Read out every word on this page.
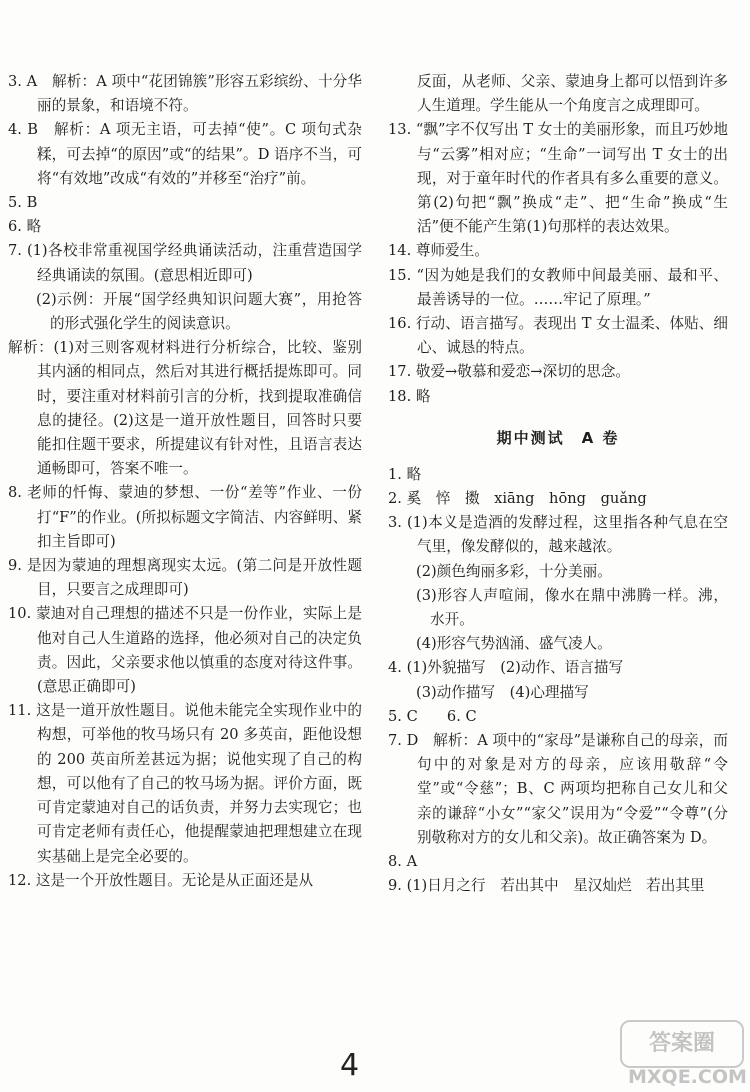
3. A　解析：A 项中“花团锦簇”形容五彩缤纷、十分华丽的景象，和语境不符。

4. B　解析：A 项无主语，可去掉“使”。C 项句式杂糅，可去掉“的原因”或“的结果”。D 语序不当，可将“有效地”改成“有效的”并移至“治疗”前。

5. B

6. 略

7. (1)各校非常重视国学经典诵读活动，注重营造国学经典诵读的氛围。(意思相近即可)

(2)示例：开展“国学经典知识问题大赛”，用抢答的形式强化学生的阅读意识。

解析：(1)对三则客观材料进行分析综合，比较、鉴别其内涵的相同点，然后对其进行概括提炼即可。同时，要注重对材料前引言的分析，找到提取准确信息的捷径。(2)这是一道开放性题目，回答时只要能扣住题干要求，所提建议有针对性，且语言表达通畅即可，答案不唯一。

8. 老师的忏悔、蒙迪的梦想、一份“差等”作业、一份打“F”的作业。(所拟标题文字简洁、内容鲜明、紧扣主旨即可)

9. 是因为蒙迪的理想离现实太远。(第二问是开放性题目，只要言之成理即可)

10. 蒙迪对自己理想的描述不只是一份作业，实际上是他对自己人生道路的选择，他必须对自己的决定负责。因此，父亲要求他以慎重的态度对待这件事。(意思正确即可)

11. 这是一道开放性题目。说他未能完全实现作业中的构想，可举他的牧马场只有 20 多英亩，距他设想的 200 英亩所差甚远为据；说他实现了自己的构想，可以他有了自己的牧马场为据。评价方面，既可肯定蒙迪对自己的话负责，并努力去实现它；也可肯定老师有责任心，他提醒蒙迪把理想建立在现实基础上是完全必要的。

12. 这是一个开放性题目。无论是从正面还是从

反面，从老师、父亲、蒙迪身上都可以悟到许多人生道理。学生能从一个角度言之成理即可。

13. “飘”字不仅写出 T 女士的美丽形象，而且巧妙地与“云雾”相对应；“生命”一词写出 T 女士的出现，对于童年时代的作者具有多么重要的意义。第(2)句把“飘”换成“走”、把“生命”换成“生活”便不能产生第(1)句那样的表达效果。

14. 尊师爱生。

15. “因为她是我们的女教师中间最美丽、最和平、最善诱导的一位。……牢记了原理。”

16. 行动、语言描写。表现出 T 女士温柔、体贴、细心、诚恳的特点。

17. 敬爱→敬慕和爱恋→深切的思念。

18. 略

期中测试　A 卷

1. 略

2. 奚　悴　擞　xiāng　hōng　guǎng

3. (1)本义是造酒的发酵过程，这里指各种气息在空气里，像发酵似的，越来越浓。

(2)颜色绚丽多彩，十分美丽。

(3)形容人声喧闹，像水在鼎中沸腾一样。沸，水开。

(4)形容气势汹涌、盛气凌人。

4. (1)外貌描写　(2)动作、语言描写

(3)动作描写　(4)心理描写

5. C　　6. C

7. D　解析：A 项中的“家母”是谦称自己的母亲，而句中的对象是对方的母亲，应该用敬辞“令堂”或“令慈”；B、C 两项均把称自己女儿和父亲的谦辞“小女”“家父”误用为“令爱”“令尊”(分别敬称对方的女儿和父亲)。故正确答案为 D。

8. A

9. (1)日月之行　若出其中　星汉灿烂　若出其里

4
答案圈
MXQE.COM
